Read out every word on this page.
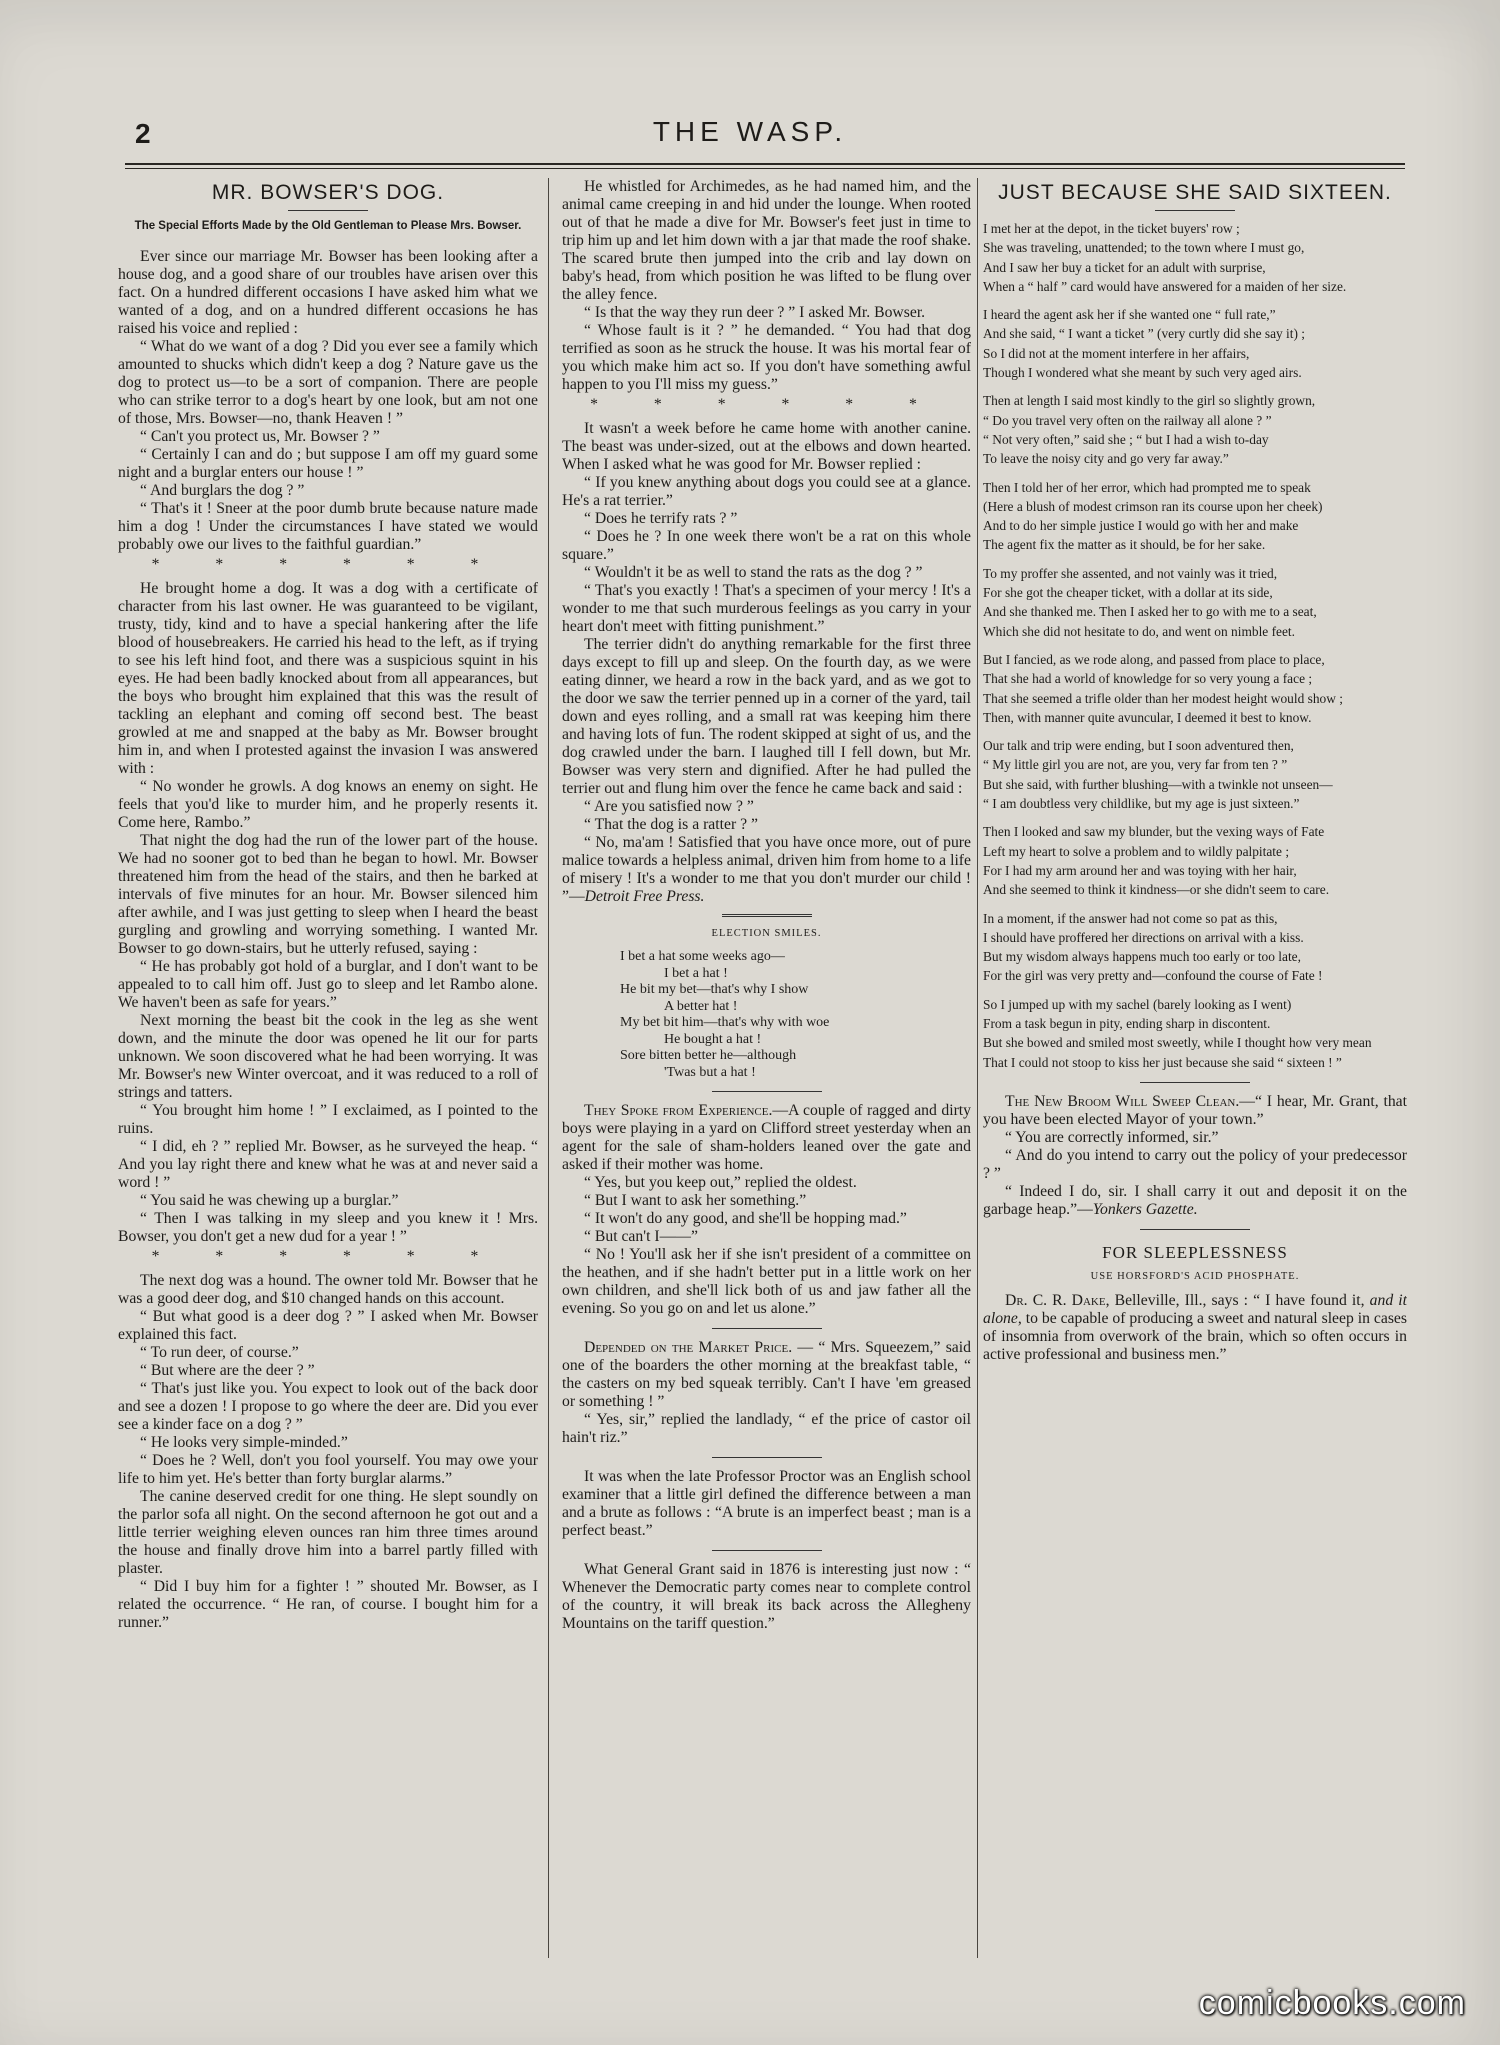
2	THE WASP.
MR. BOWSER'S DOG.
The Special Efforts Made by the Old Gentleman to Please Mrs. Bowser.

Ever since our marriage Mr. Bowser has been looking after a house dog, and a good share of our troubles have arisen over this fact. On a hundred different occasions I have asked him what we wanted of a dog, and on a hundred different occasions he has raised his voice and replied :

“ What do we want of a dog ? Did you ever see a family which amounted to shucks which didn't keep a dog ? Nature gave us the dog to protect us—to be a sort of companion. There are people who can strike terror to a dog's heart by one look, but am not one of those, Mrs. Bowser—no, thank Heaven ! ”

“ Can't you protect us, Mr. Bowser ? ”

“ Certainly I can and do ; but suppose I am off my guard some night and a burglar enters our house ! ”

“ And burglars the dog ? ”

“ That's it ! Sneer at the poor dumb brute because nature made him a dog ! Under the circumstances I have stated we would probably owe our lives to the faithful guardian.”

* * * * * *

He brought home a dog. It was a dog with a certificate of character from his last owner. He was guaranteed to be vigilant, trusty, tidy, kind and to have a special hankering after the life blood of housebreakers. He carried his head to the left, as if trying to see his left hind foot, and there was a suspicious squint in his eyes. He had been badly knocked about from all appearances, but the boys who brought him explained that this was the result of tackling an elephant and coming off second best. The beast growled at me and snapped at the baby as Mr. Bowser brought him in, and when I protested against the invasion I was answered with :

“ No wonder he growls. A dog knows an enemy on sight. He feels that you'd like to murder him, and he properly resents it. Come here, Rambo.”

That night the dog had the run of the lower part of the house. We had no sooner got to bed than he began to howl. Mr. Bowser threatened him from the head of the stairs, and then he barked at intervals of five minutes for an hour. Mr. Bowser silenced him after awhile, and I was just getting to sleep when I heard the beast gurgling and growling and worrying something. I wanted Mr. Bowser to go down-stairs, but he utterly refused, saying :

“ He has probably got hold of a burglar, and I don't want to be appealed to to call him off. Just go to sleep and let Rambo alone. We haven't been as safe for years.”

Next morning the beast bit the cook in the leg as she went down, and the minute the door was opened he lit our for parts unknown. We soon discovered what he had been worrying. It was Mr. Bowser's new Winter overcoat, and it was reduced to a roll of strings and tatters.

“ You brought him home ! ” I exclaimed, as I pointed to the ruins.

“ I did, eh ? ” replied Mr. Bowser, as he surveyed the heap. “ And you lay right there and knew what he was at and never said a word ! ”

“ You said he was chewing up a burglar.”

“ Then I was talking in my sleep and you knew it ! Mrs. Bowser, you don't get a new dud for a year ! ”

* * * * * *

The next dog was a hound. The owner told Mr. Bowser that he was a good deer dog, and $10 changed hands on this account.

“ But what good is a deer dog ? ” I asked when Mr. Bowser explained this fact.

“ To run deer, of course.”

“ But where are the deer ? ”

“ That's just like you. You expect to look out of the back door and see a dozen ! I propose to go where the deer are. Did you ever see a kinder face on a dog ? ”

“ He looks very simple-minded.”

“ Does he ? Well, don't you fool yourself. You may owe your life to him yet. He's better than forty burglar alarms.”

The canine deserved credit for one thing. He slept soundly on the parlor sofa all night. On the second afternoon he got out and a little terrier weighing eleven ounces ran him three times around the house and finally drove him into a barrel partly filled with plaster.

“ Did I buy him for a fighter ! ” shouted Mr. Bowser, as I related the occurrence. “ He ran, of course. I bought him for a runner.”

He whistled for Archimedes, as he had named him, and the animal came creeping in and hid under the lounge. When rooted out of that he made a dive for Mr. Bowser's feet just in time to trip him up and let him down with a jar that made the roof shake. The scared brute then jumped into the crib and lay down on baby's head, from which position he was lifted to be flung over the alley fence.

“ Is that the way they run deer ? ” I asked Mr. Bowser.

“ Whose fault is it ? ” he demanded. “ You had that dog terrified as soon as he struck the house. It was his mortal fear of you which make him act so. If you don't have something awful happen to you I'll miss my guess.”

* * * * * *

It wasn't a week before he came home with another canine. The beast was under-sized, out at the elbows and down hearted. When I asked what he was good for Mr. Bowser replied :

“ If you knew anything about dogs you could see at a glance. He's a rat terrier.”

“ Does he terrify rats ? ”

“ Does he ? In one week there won't be a rat on this whole square.”

“ Wouldn't it be as well to stand the rats as the dog ? ”

“ That's you exactly ! That's a specimen of your mercy ! It's a wonder to me that such murderous feelings as you carry in your heart don't meet with fitting punishment.”

The terrier didn't do anything remarkable for the first three days except to fill up and sleep. On the fourth day, as we were eating dinner, we heard a row in the back yard, and as we got to the door we saw the terrier penned up in a corner of the yard, tail down and eyes rolling, and a small rat was keeping him there and having lots of fun. The rodent skipped at sight of us, and the dog crawled under the barn. I laughed till I fell down, but Mr. Bowser was very stern and dignified. After he had pulled the terrier out and flung him over the fence he came back and said :

“ Are you satisfied now ? ”

“ That the dog is a ratter ? ”

“ No, ma'am ! Satisfied that you have once more, out of pure malice towards a helpless animal, driven him from home to a life of misery ! It's a wonder to me that you don't murder our child ! ”—Detroit Free Press.

ELECTION SMILES.
I bet a hat some weeks ago—
I bet a hat !
He bit my bet—that's why I show
A better hat !
My bet bit him—that's why with woe
He bought a hat !
Sore bitten better he—although
'Twas but a hat !

They Spoke from Experience.—A couple of ragged and dirty boys were playing in a yard on Clifford street yesterday when an agent for the sale of sham-holders leaned over the gate and asked if their mother was home.

“ Yes, but you keep out,” replied the oldest.

“ But I want to ask her something.”

“ It won't do any good, and she'll be hopping mad.”

“ But can't I——”

“ No ! You'll ask her if she isn't president of a committee on the heathen, and if she hadn't better put in a little work on her own children, and she'll lick both of us and jaw father all the evening. So you go on and let us alone.”

Depended on the Market Price. — “ Mrs. Squeezem,” said one of the boarders the other morning at the breakfast table, “ the casters on my bed squeak terribly. Can't I have 'em greased or something ! ”

“ Yes, sir,” replied the landlady, “ ef the price of castor oil hain't riz.”

It was when the late Professor Proctor was an English school examiner that a little girl defined the difference between a man and a brute as follows : “A brute is an imperfect beast ; man is a perfect beast.”

What General Grant said in 1876 is interesting just now : “ Whenever the Democratic party comes near to complete control of the country, it will break its back across the Allegheny Mountains on the tariff question.”

JUST BECAUSE SHE SAID SIXTEEN.
I met her at the depot, in the ticket buyers' row ;
She was traveling, unattended; to the town where I must go,
And I saw her buy a ticket for an adult with surprise,
When a “ half ” card would have answered for a maiden of her size.
I heard the agent ask her if she wanted one “ full rate,”
And she said, “ I want a ticket ” (very curtly did she say it) ;
So I did not at the moment interfere in her affairs,
Though I wondered what she meant by such very aged airs.
Then at length I said most kindly to the girl so slightly grown,
“ Do you travel very often on the railway all alone ? ”
“ Not very often,” said she ; “ but I had a wish to-day
To leave the noisy city and go very far away.”
Then I told her of her error, which had prompted me to speak
(Here a blush of modest crimson ran its course upon her cheek)
And to do her simple justice I would go with her and make
The agent fix the matter as it should, be for her sake.
To my proffer she assented, and not vainly was it tried,
For she got the cheaper ticket, with a dollar at its side,
And she thanked me. Then I asked her to go with me to a seat,
Which she did not hesitate to do, and went on nimble feet.
But I fancied, as we rode along, and passed from place to place,
That she had a world of knowledge for so very young a face ;
That she seemed a trifle older than her modest height would show ;
Then, with manner quite avuncular, I deemed it best to know.
Our talk and trip were ending, but I soon adventured then,
“ My little girl you are not, are you, very far from ten ? ”
But she said, with further blushing—with a twinkle not unseen—
“ I am doubtless very childlike, but my age is just sixteen.”
Then I looked and saw my blunder, but the vexing ways of Fate
Left my heart to solve a problem and to wildly palpitate ;
For I had my arm around her and was toying with her hair,
And she seemed to think it kindness—or she didn't seem to care.
In a moment, if the answer had not come so pat as this,
I should have proffered her directions on arrival with a kiss.
But my wisdom always happens much too early or too late,
For the girl was very pretty and—confound the course of Fate !
So I jumped up with my sachel (barely looking as I went)
From a task begun in pity, ending sharp in discontent.
But she bowed and smiled most sweetly, while I thought how very mean
That I could not stoop to kiss her just because she said “ sixteen ! ”

The New Broom Will Sweep Clean.—“ I hear, Mr. Grant, that you have been elected Mayor of your town.”

“ You are correctly informed, sir.”

“ And do you intend to carry out the policy of your predecessor ? ”

“ Indeed I do, sir. I shall carry it out and deposit it on the garbage heap.”—Yonkers Gazette.

FOR SLEEPLESSNESS
USE HORSFORD'S ACID PHOSPHATE.

Dr. C. R. Dake, Belleville, Ill., says : “ I have found it, and it alone, to be capable of producing a sweet and natural sleep in cases of insomnia from overwork of the brain, which so often occurs in active professional and business men.”

comicbooks.com
